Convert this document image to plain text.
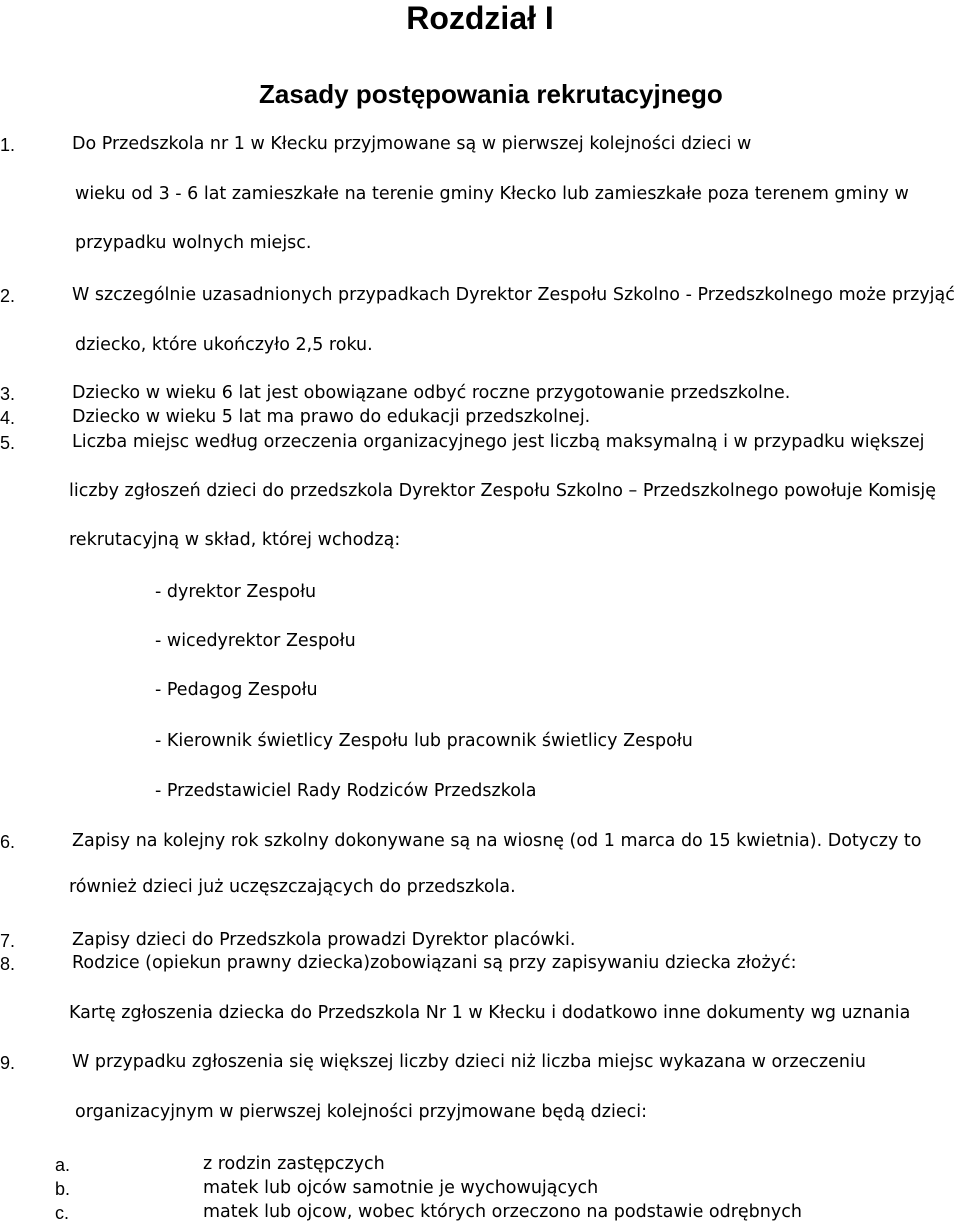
Rozdział I
Zasady postępowania rekrutacyjnego
1.	Do Przedszkola nr 1 w Kłecku przyjmowane są w pierwszej kolejności dzieci w
wieku od 3 - 6 lat zamieszkałe na terenie gminy Kłecko lub zamieszkałe poza terenem gminy w
przypadku wolnych miejsc.
2.	W szczególnie uzasadnionych przypadkach Dyrektor Zespołu Szkolno - Przedszkolnego może przyjąć
dziecko, które ukończyło 2,5 roku.
3.	Dziecko w wieku 6 lat jest obowiązane odbyć roczne przygotowanie przedszkolne.
4.	Dziecko w wieku 5 lat ma prawo do edukacji przedszkolnej.
5.	Liczba miejsc według orzeczenia organizacyjnego jest liczbą maksymalną i w przypadku większej
liczby zgłoszeń dzieci do przedszkola Dyrektor Zespołu Szkolno – Przedszkolnego powołuje Komisję
rekrutacyjną w skład, której wchodzą:
- dyrektor Zespołu
- wicedyrektor Zespołu
- Pedagog Zespołu
- Kierownik świetlicy Zespołu lub pracownik świetlicy Zespołu
- Przedstawiciel Rady Rodziców Przedszkola
6.	Zapisy na kolejny rok szkolny dokonywane są na wiosnę (od 1 marca do 15 kwietnia). Dotyczy to
również dzieci już uczęszczających do przedszkola.
7.	Zapisy dzieci do Przedszkola prowadzi Dyrektor placówki.
8.	Rodzice (opiekun prawny dziecka)zobowiązani są przy zapisywaniu dziecka złożyć:
Kartę zgłoszenia dziecka do Przedszkola Nr 1 w Kłecku i dodatkowo inne dokumenty wg uznania
9.	W przypadku zgłoszenia się większej liczby dzieci niż liczba miejsc wykazana w orzeczeniu
organizacyjnym w pierwszej kolejności przyjmowane będą dzieci:
a.	z rodzin zastępczych
b.	matek lub ojców samotnie je wychowujących
c.	matek lub ojcow, wobec których orzeczono na podstawie odrębnych
